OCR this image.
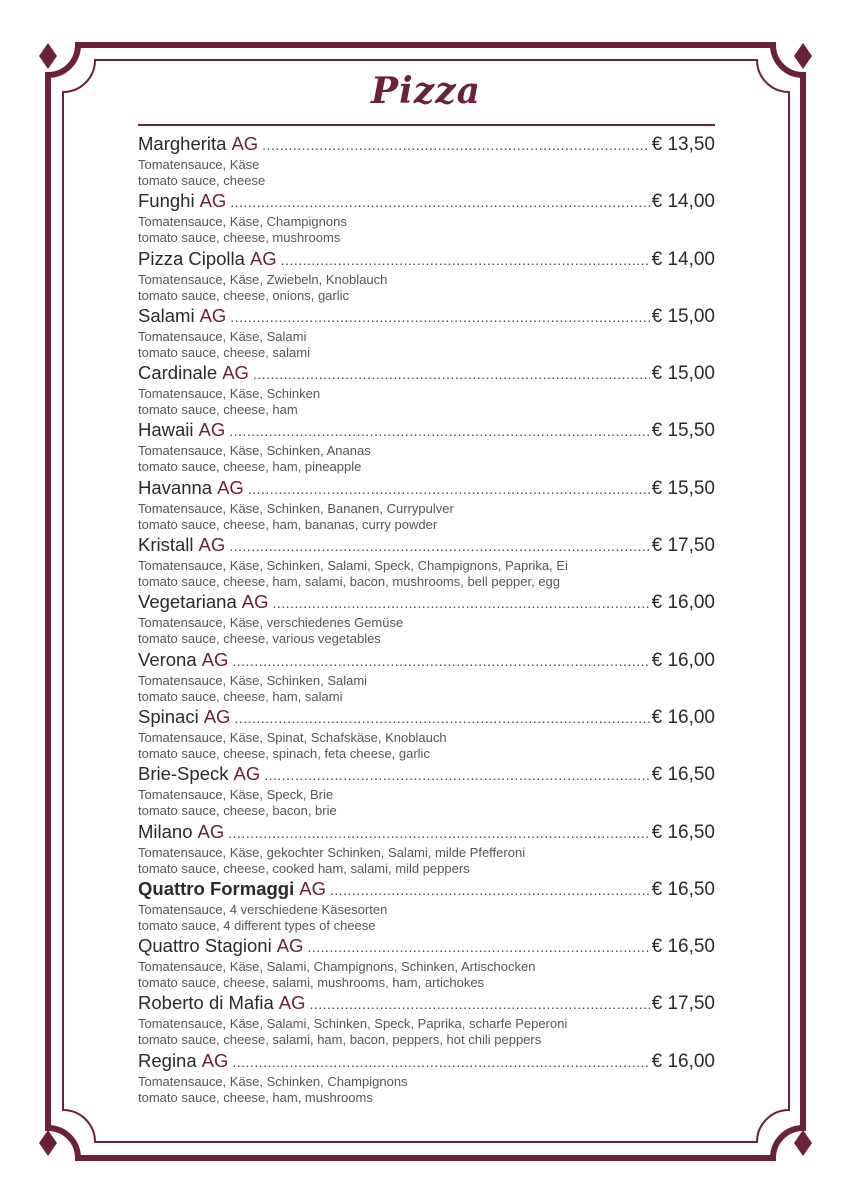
Pizza
Margherita AG .....	€ 13,50
Tomatensauce, Käse
tomato sauce, cheese
Funghi AG .....	€ 14,00
Tomatensauce, Käse, Champignons
tomato sauce, cheese, mushrooms
Pizza Cipolla AG .....	€ 14,00
Tomatensauce, Käse, Zwiebeln, Knoblauch
tomato sauce, cheese, onions, garlic
Salami AG .....	€ 15,00
Tomatensauce, Käse, Salami
tomato sauce, cheese, salami
Cardinale AG .....	€ 15,00
Tomatensauce, Käse, Schinken
tomato sauce, cheese, ham
Hawaii AG .....	€ 15,50
Tomatensauce, Käse, Schinken, Ananas
tomato sauce, cheese, ham, pineapple
Havanna AG .....	€ 15,50
Tomatensauce, Käse, Schinken, Bananen, Currypulver
tomato sauce, cheese, ham, bananas, curry powder
Kristall AG .....	€ 17,50
Tomatensauce, Käse, Schinken, Salami, Speck, Champignons, Paprika, Ei
tomato sauce, cheese, ham, salami, bacon, mushrooms, bell pepper, egg
Vegetariana AG .....	€ 16,00
Tomatensauce, Käse, verschiedenes Gemüse
tomato sauce, cheese, various vegetables
Verona AG .....	€ 16,00
Tomatensauce, Käse, Schinken, Salami
tomato sauce, cheese, ham, salami
Spinaci AG .....	€ 16,00
Tomatensauce, Käse, Spinat, Schafskäse, Knoblauch
tomato sauce, cheese, spinach, feta cheese, garlic
Brie-Speck AG .....	€ 16,50
Tomatensauce, Käse, Speck, Brie
tomato sauce, cheese, bacon, brie
Milano AG .....	€ 16,50
Tomatensauce, Käse, gekochter Schinken, Salami, milde Pfefferoni
tomato sauce, cheese, cooked ham, salami, mild peppers
Quattro Formaggi AG .....	€ 16,50
Tomatensauce, 4 verschiedene Käsesorten
tomato sauce, 4 different types of cheese
Quattro Stagioni AG .....	€ 16,50
Tomatensauce, Käse, Salami, Champignons, Schinken, Artischocken
tomato sauce, cheese, salami, mushrooms, ham, artichokes
Roberto di Mafia AG .....	€ 17,50
Tomatensauce, Käse, Salami, Schinken, Speck, Paprika, scharfe Peperoni
tomato sauce, cheese, salami, ham, bacon, peppers, hot chili peppers
Regina AG .....	€ 16,00
Tomatensauce, Käse, Schinken, Champignons
tomato sauce, cheese, ham, mushrooms
